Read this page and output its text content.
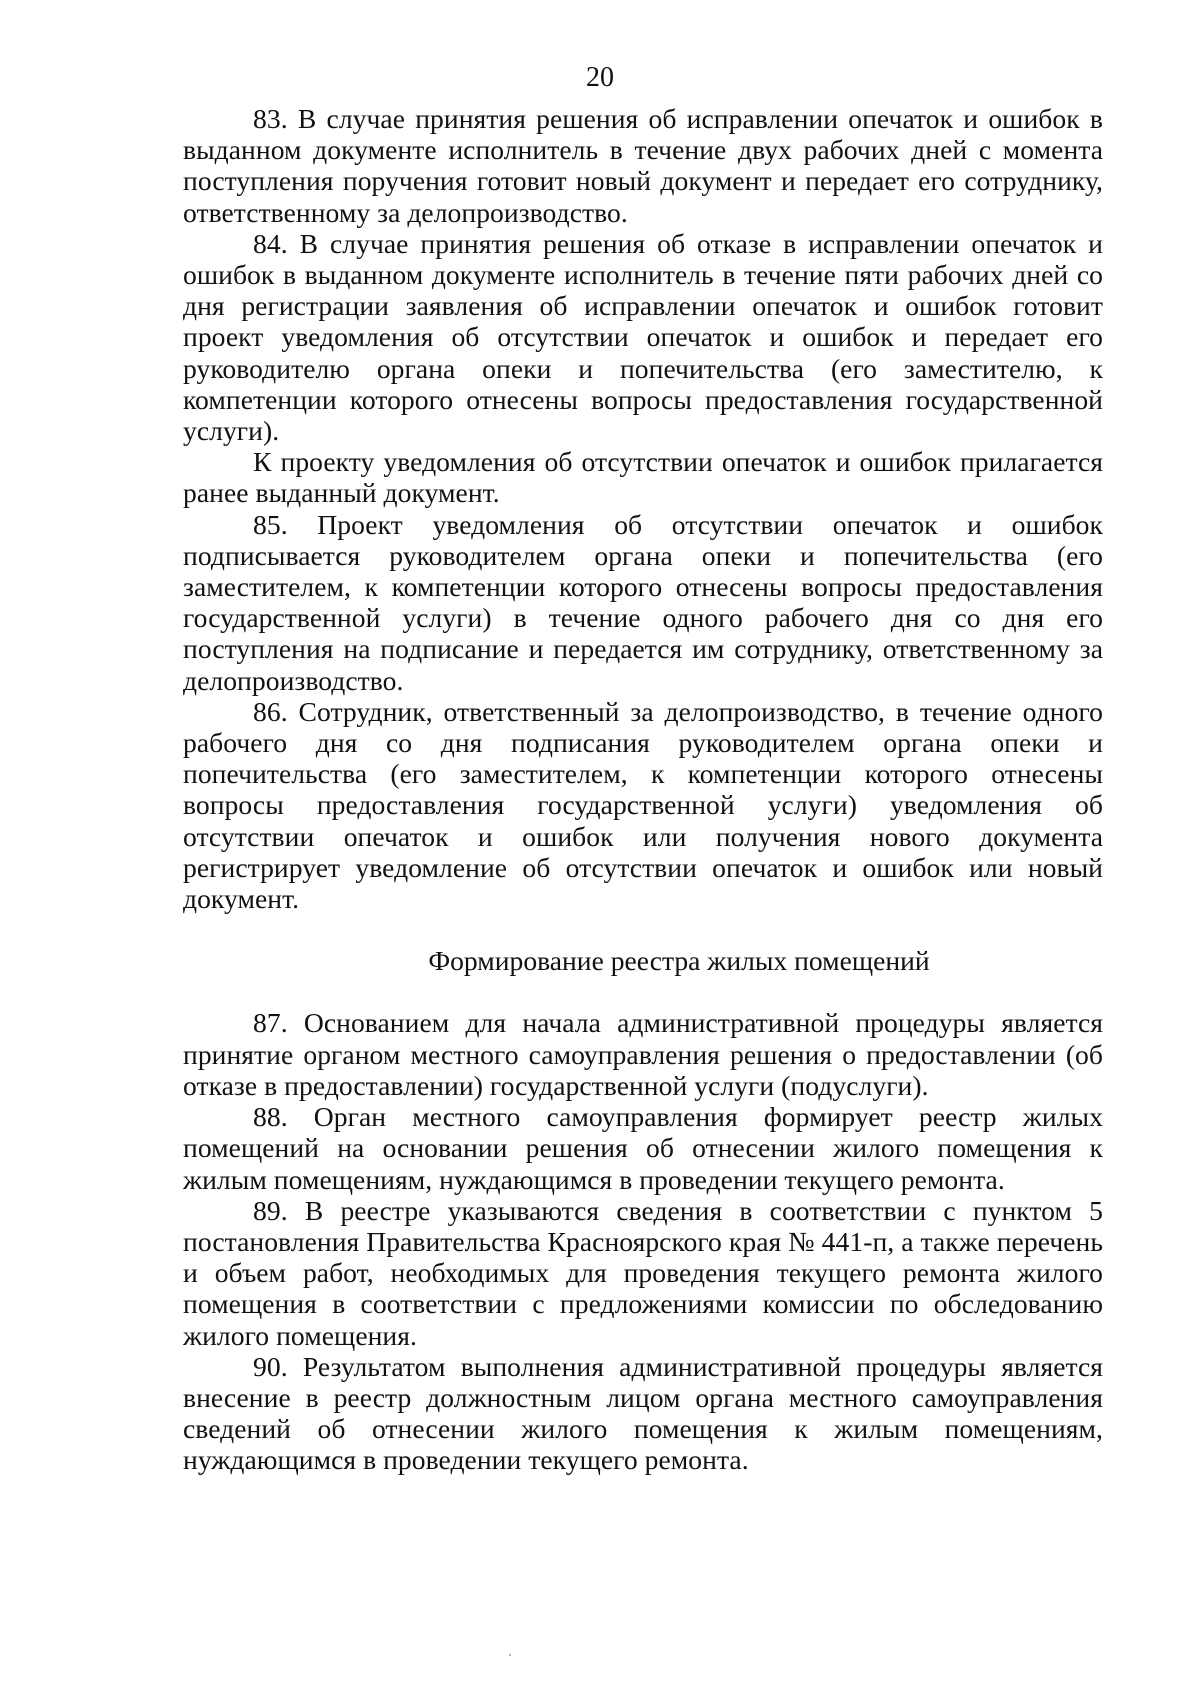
20

83. В случае принятия решения об исправлении опечаток и ошибок в выданном документе исполнитель в течение двух рабочих дней с момента поступления поручения готовит новый документ и передает его сотруднику, ответственному за делопроизводство.

84. В случае принятия решения об отказе в исправлении опечаток и ошибок в выданном документе исполнитель в течение пяти рабочих дней со дня регистрации заявления об исправлении опечаток и ошибок готовит проект уведомления об отсутствии опечаток и ошибок и передает его руководителю органа опеки и попечительства (его заместителю, к компетенции которого отнесены вопросы предоставления государственной услуги).

К проекту уведомления об отсутствии опечаток и ошибок прилагается ранее выданный документ.

85. Проект уведомления об отсутствии опечаток и ошибок подписывается руководителем органа опеки и попечительства (его заместителем, к компетенции которого отнесены вопросы предоставления государственной услуги) в течение одного рабочего дня со дня его поступления на подписание и передается им сотруднику, ответственному за делопроизводство.

86. Сотрудник, ответственный за делопроизводство, в течение одного рабочего дня со дня подписания руководителем органа опеки и попечительства (его заместителем, к компетенции которого отнесены вопросы предоставления государственной услуги) уведомления об отсутствии опечаток и ошибок или получения нового документа регистрирует уведомление об отсутствии опечаток и ошибок или новый документ.

Формирование реестра жилых помещений

87. Основанием для начала административной процедуры является принятие органом местного самоуправления решения о предоставлении (об отказе в предоставлении) государственной услуги (подуслуги).

88. Орган местного самоуправления формирует реестр жилых помещений на основании решения об отнесении жилого помещения к жилым помещениям, нуждающимся в проведении текущего ремонта.

89. В реестре указываются сведения в соответствии с пунктом 5 постановления Правительства Красноярского края № 441-п, а также перечень и объем работ, необходимых для проведения текущего ремонта жилого помещения в соответствии с предложениями комиссии по обследованию жилого помещения.

90. Результатом выполнения административной процедуры является внесение в реестр должностным лицом органа местного самоуправления сведений об отнесении жилого помещения к жилым помещениям, нуждающимся в проведении текущего ремонта.
